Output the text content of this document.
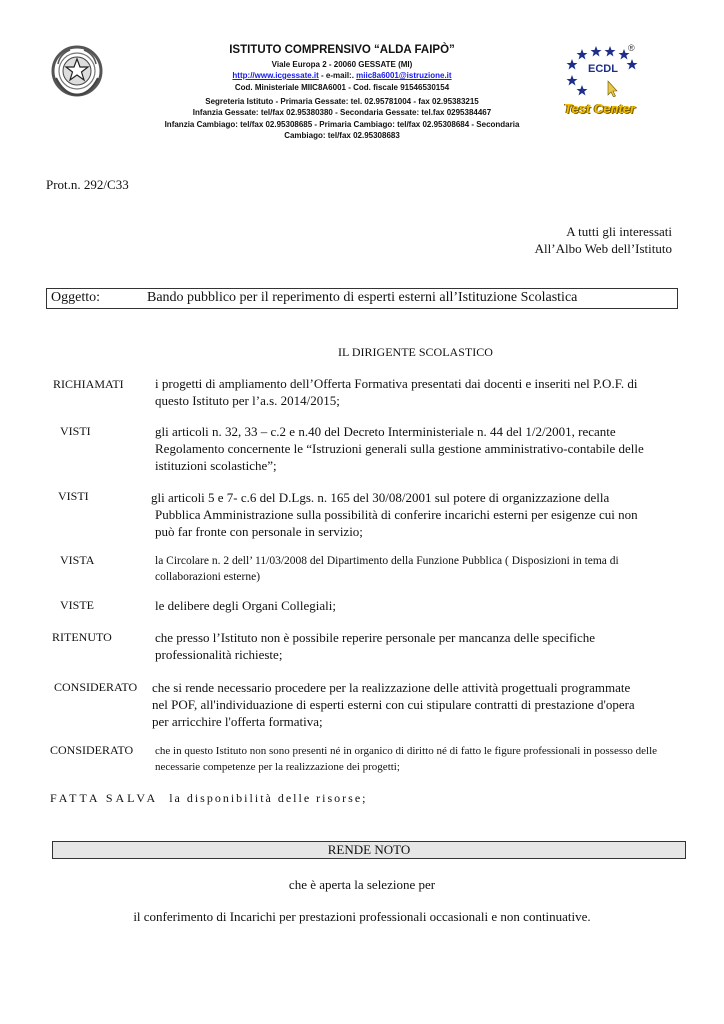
ISTITUTO COMPRENSIVO “ALDA FAIPÒ”
Viale Europa 2 - 20060 GESSATE (MI)
http://www.icgessate.it - e-mail:. miic8a6001@istruzione.it
Cod. Ministeriale MIIC8A6001 - Cod. fiscale 91546530154
Segreteria Istituto - Primaria Gessate: tel. 02.95781004 - fax 02.95383215
Infanzia Gessate: tel/fax 02.95380380 - Secondaria Gessate: tel.fax 0295384467
Infanzia Cambiago: tel/fax 02.95308685 - Primaria Cambiago: tel/fax 02.95308684 - Secondaria
Cambiago: tel/fax 02.95308683
ECDL
®
Test Center
Prot.n. 292/C33
A tutti gli interessati
All’Albo Web dell’Istituto
Oggetto:	Bando pubblico per il reperimento di esperti esterni all’Istituzione Scolastica
IL DIRIGENTE SCOLASTICO
RICHIAMATI i progetti di ampliamento dell’Offerta Formativa presentati dai docenti e inseriti nel P.O.F. di
questo Istituto per l’a.s. 2014/2015;
VISTI	gli articoli n. 32, 33 – c.2 e n.40 del Decreto Interministeriale n. 44 del 1/2/2001, recante
Regolamento concernente le “Istruzioni generali sulla gestione amministrativo-contabile delle
istituzioni scolastiche”;
VISTI	gli articoli 5 e 7- c.6 del D.Lgs. n. 165 del 30/08/2001 sul potere di organizzazione della
Pubblica Amministrazione sulla possibilità di conferire incarichi esterni per esigenze cui non
può far fronte con personale in servizio;
VISTA	la Circolare n. 2 dell’ 11/03/2008 del Dipartimento della Funzione Pubblica ( Disposizioni in tema di
collaborazioni esterne)
VISTE	le delibere degli Organi Collegiali;
RITENUTO	che presso l’Istituto non è possibile reperire personale per mancanza delle specifiche
professionalità richieste;
CONSIDERATO che si rende necessario procedere per la realizzazione delle attività progettuali programmate
nel POF, all'individuazione di esperti esterni con cui stipulare contratti di prestazione d'opera
per arricchire l'offerta formativa;
CONSIDERATO che in questo Istituto non sono presenti né in organico di diritto né di fatto le figure professionali in possesso delle
necessarie competenze per la realizzazione dei progetti;
FATTA SALVA la disponibilità delle risorse;
RENDE NOTO
che è aperta la selezione per
il conferimento di Incarichi per prestazioni professionali occasionali e non continuative.
